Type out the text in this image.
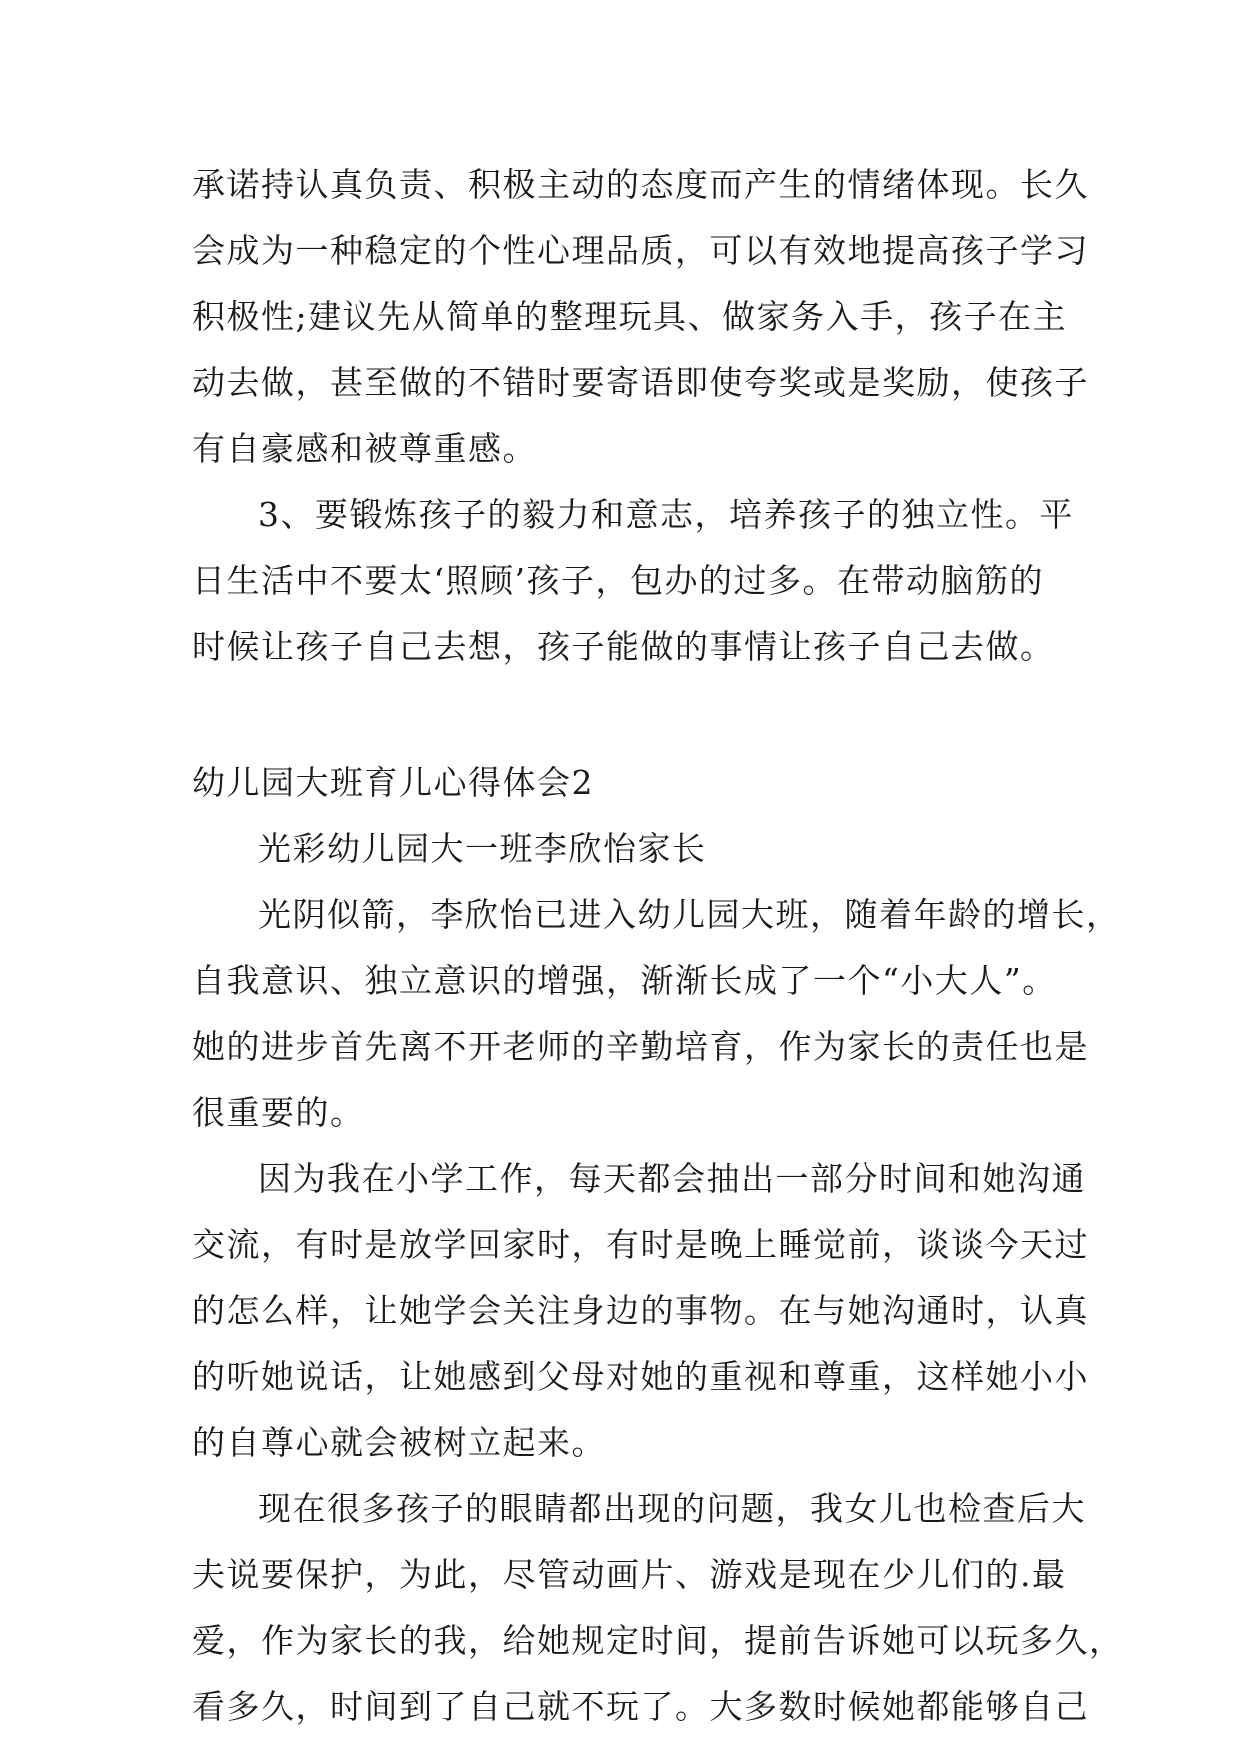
承诺持认真负责、积极主动的态度而产生的情绪体现。长久
会成为一种稳定的个性心理品质，可以有效地提高孩子学习
积极性;建议先从简单的整理玩具、做家务入手，孩子在主
动去做，甚至做的不错时要寄语即使夸奖或是奖励，使孩子
有自豪感和被尊重感。
3、要锻炼孩子的毅力和意志，培养孩子的独立性。平
日生活中不要太‘照顾’孩子，包办的过多。在带动脑筋的
时候让孩子自己去想，孩子能做的事情让孩子自己去做。
幼儿园大班育儿心得体会2
光彩幼儿园大一班李欣怡家长
光阴似箭，李欣怡已进入幼儿园大班，随着年龄的增长，
自我意识、独立意识的增强，渐渐长成了一个“小大人”。
她的进步首先离不开老师的辛勤培育，作为家长的责任也是
很重要的。
因为我在小学工作，每天都会抽出一部分时间和她沟通
交流，有时是放学回家时，有时是晚上睡觉前，谈谈今天过
的怎么样，让她学会关注身边的事物。在与她沟通时，认真
的听她说话，让她感到父母对她的重视和尊重，这样她小小
的自尊心就会被树立起来。
现在很多孩子的眼睛都出现的问题，我女儿也检查后大
夫说要保护，为此，尽管动画片、游戏是现在少儿们的.最
爱，作为家长的我，给她规定时间，提前告诉她可以玩多久，
看多久，时间到了自己就不玩了。大多数时候她都能够自己
